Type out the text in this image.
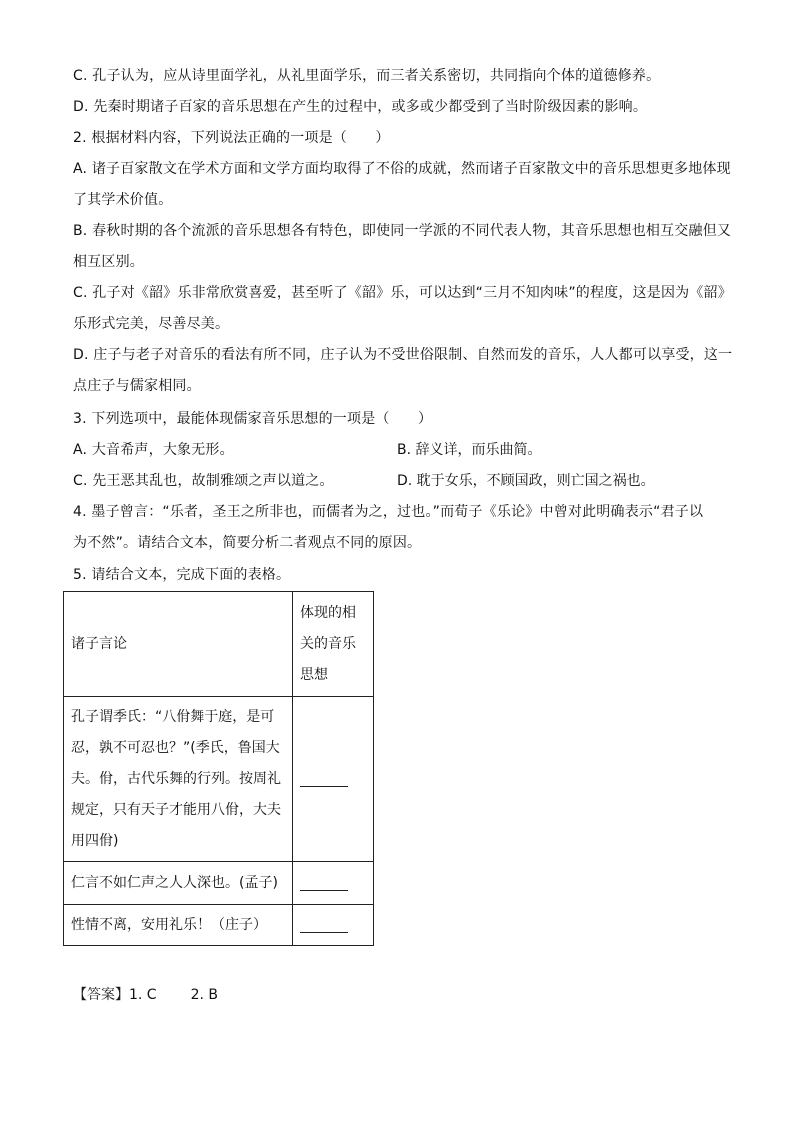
C. 孔子认为，应从诗里面学礼，从礼里面学乐，而三者关系密切，共同指向个体的道德修养。
D. 先秦时期诸子百家的音乐思想在产生的过程中，或多或少都受到了当时阶级因素的影响。
2. 根据材料内容，下列说法正确的一项是（　　）
A. 诸子百家散文在学术方面和文学方面均取得了不俗的成就，然而诸子百家散文中的音乐思想更多地体现
了其学术价值。
B. 春秋时期的各个流派的音乐思想各有特色，即使同一学派的不同代表人物，其音乐思想也相互交融但又
相互区别。
C. 孔子对《韶》乐非常欣赏喜爱，甚至听了《韶》乐，可以达到“三月不知肉味”的程度，这是因为《韶》
乐形式完美，尽善尽美。
D. 庄子与老子对音乐的看法有所不同，庄子认为不受世俗限制、自然而发的音乐，人人都可以享受，这一
点庄子与儒家相同。
3. 下列选项中，最能体现儒家音乐思想的一项是（　　）
A. 大音希声，大象无形。	B. 辞义详，而乐曲简。
C. 先王恶其乱也，故制雅颂之声以道之。	D. 耽于女乐，不顾国政，则亡国之祸也。
4. 墨子曾言：“乐者，圣王之所非也，而儒者为之，过也。”而荀子《乐论》中曾对此明确表示“君子以
为不然”。请结合文本，简要分析二者观点不同的原因。
5. 请结合文本，完成下面的表格。
诸子言论	体现的相关的音乐思想
孔子谓季氏：“八佾舞于庭，是可忍，孰不可忍也？”(季氏，鲁国大夫。佾，古代乐舞的行列。按周礼规定，只有天子才能用八佾，大夫用四佾)	
仁言不如仁声之人人深也。(孟子)	
性情不离，安用礼乐！（庄子）	
【答案】1. C 2. B
